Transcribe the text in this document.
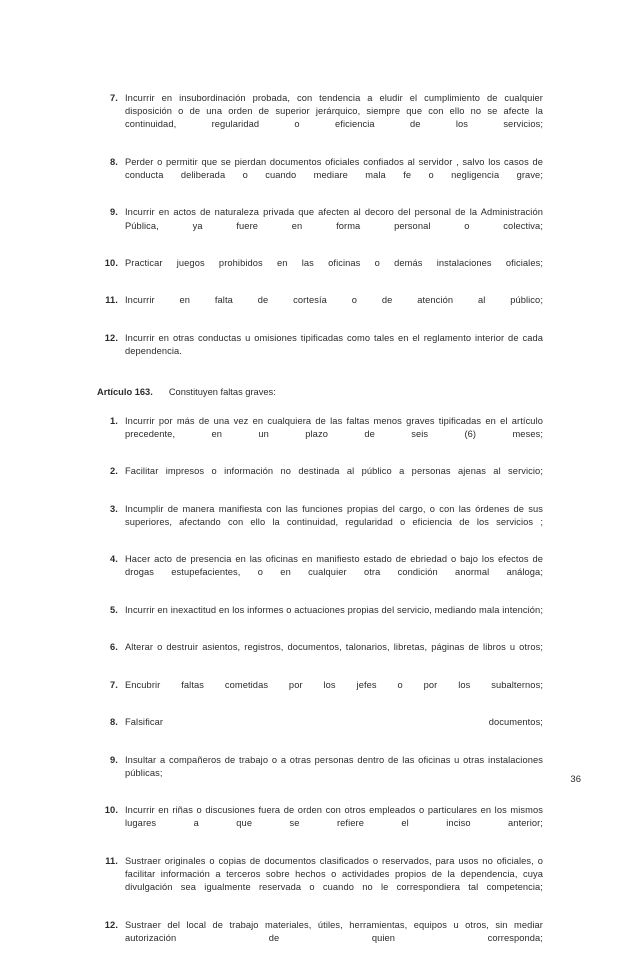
7. Incurrir en insubordinación probada, con tendencia a eludir el cumplimiento de cualquier disposición o de una orden de superior jerárquico, siempre que con ello no se afecte la continuidad, regularidad o eficiencia de los servicios;
8. Perder o permitir que se pierdan documentos oficiales confiados al servidor , salvo los casos de conducta deliberada o cuando mediare mala fe o negligencia grave;
9. Incurrir en actos de naturaleza privada que afecten al decoro del personal de la Administración Pública, ya fuere en forma personal o colectiva;
10. Practicar juegos prohibidos en las oficinas o demás instalaciones oficiales;
11. Incurrir en falta de cortesía o de atención al público;
12. Incurrir en otras conductas u omisiones tipificadas como tales en el reglamento interior de cada dependencia.

Artículo 163. Constituyen faltas graves:

1. Incurrir por más de una vez en cualquiera de las faltas menos graves tipificadas en el artículo precedente, en un plazo de seis (6) meses;
2. Facilitar impresos o información no destinada al público a personas ajenas al servicio;
3. Incumplir de manera manifiesta con las funciones propias del cargo, o con las órdenes de sus superiores, afectando con ello la continuidad, regularidad o eficiencia de los servicios ;
4. Hacer acto de presencia en las oficinas en manifiesto estado de ebriedad o bajo los efectos de drogas estupefacientes, o en cualquier otra condición anormal análoga;
5. Incurrir en inexactitud en los informes o actuaciones propias del servicio, mediando mala intención;
6. Alterar o destruir asientos, registros, documentos, talonarios, libretas, páginas de libros u otros;
7. Encubrir faltas cometidas por los jefes o por los subalternos;
8. Falsificar documentos;
9. Insultar a compañeros de trabajo o a otras personas dentro de las oficinas u otras instalaciones públicas;
10. Incurrir en riñas o discusiones fuera de orden con otros empleados o particulares en los mismos lugares a que se refiere el inciso anterior;
11. Sustraer originales o copias de documentos clasificados o reservados, para usos no oficiales, o facilitar información a terceros sobre hechos o actividades propios de la dependencia, cuya divulgación sea igualmente reservada o cuando no le correspondiera tal competencia;
12. Sustraer del local de trabajo materiales, útiles, herramientas, equipos u otros, sin mediar autorización de quien corresponda;
36
